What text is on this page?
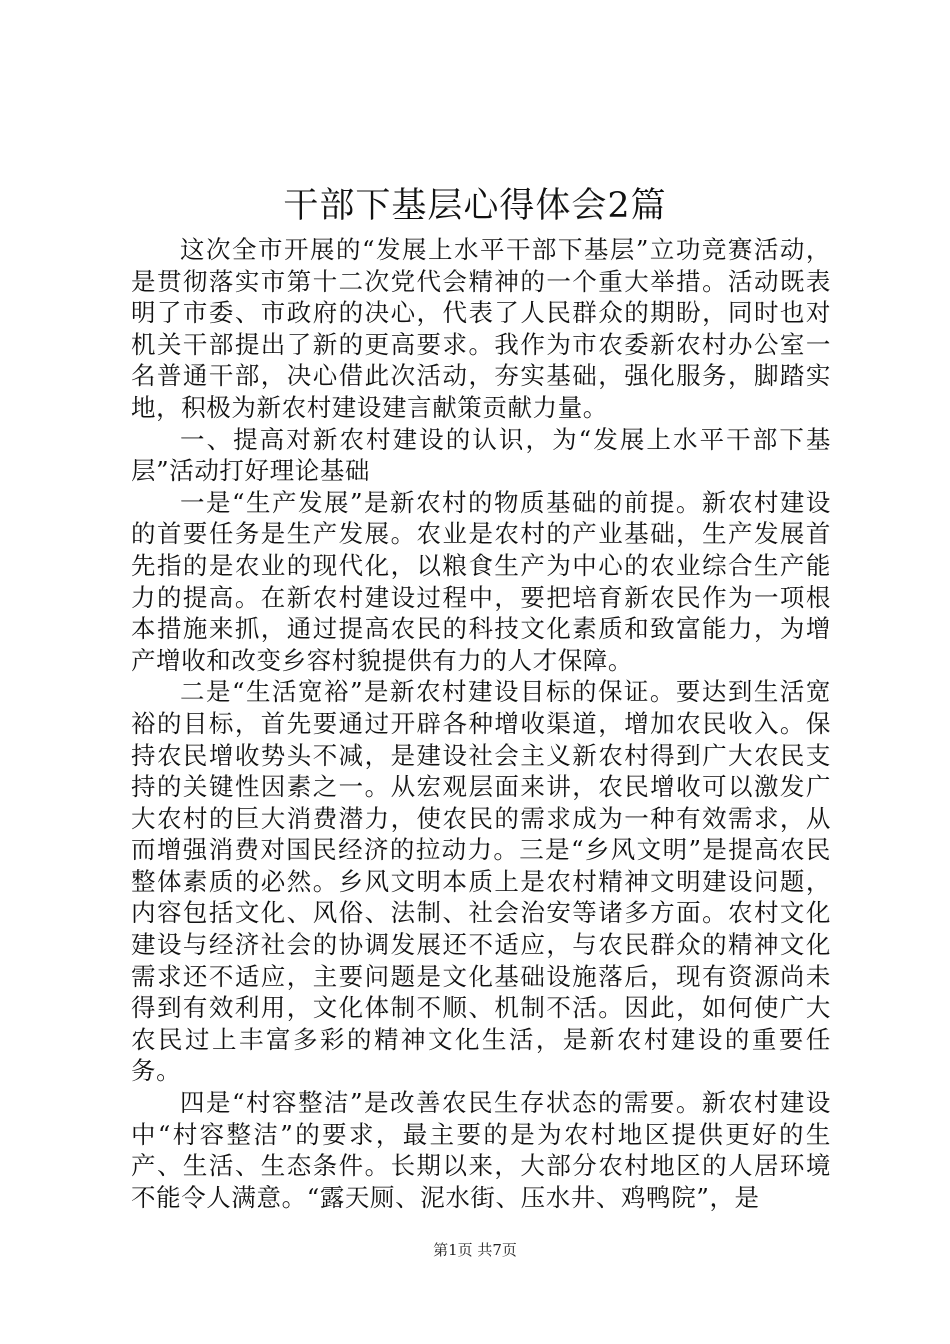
干部下基层心得体会2篇

这次全市开展的“发展上水平干部下基层”立功竞赛活动，是贯彻落实市第十二次党代会精神的一个重大举措。活动既表明了市委、市政府的决心，代表了人民群众的期盼，同时也对机关干部提出了新的更高要求。我作为市农委新农村办公室一名普通干部，决心借此次活动，夯实基础，强化服务，脚踏实地，积极为新农村建设建言献策贡献力量。

一、提高对新农村建设的认识，为“发展上水平干部下基层”活动打好理论基础

一是“生产发展”是新农村的物质基础的前提。新农村建设的首要任务是生产发展。农业是农村的产业基础，生产发展首先指的是农业的现代化，以粮食生产为中心的农业综合生产能力的提高。在新农村建设过程中，要把培育新农民作为一项根本措施来抓，通过提高农民的科技文化素质和致富能力，为增产增收和改变乡容村貌提供有力的人才保障。

二是“生活宽裕”是新农村建设目标的保证。要达到生活宽裕的目标，首先要通过开辟各种增收渠道，增加农民收入。保持农民增收势头不减，是建设社会主义新农村得到广大农民支持的关键性因素之一。从宏观层面来讲，农民增收可以激发广大农村的巨大消费潜力，使农民的需求成为一种有效需求，从而增强消费对国民经济的拉动力。三是“乡风文明”是提高农民整体素质的必然。乡风文明本质上是农村精神文明建设问题，内容包括文化、风俗、法制、社会治安等诸多方面。农村文化建设与经济社会的协调发展还不适应，与农民群众的精神文化需求还不适应，主要问题是文化基础设施落后，现有资源尚未得到有效利用，文化体制不顺、机制不活。因此，如何使广大农民过上丰富多彩的精神文化生活，是新农村建设的重要任务。

四是“村容整洁”是改善农民生存状态的需要。新农村建设中“村容整洁”的要求，最主要的是为农村地区提供更好的生产、生活、生态条件。长期以来，大部分农村地区的人居环境不能令人满意。“露天厕、泥水街、压水井、鸡鸭院”，是

第1页 共7页
